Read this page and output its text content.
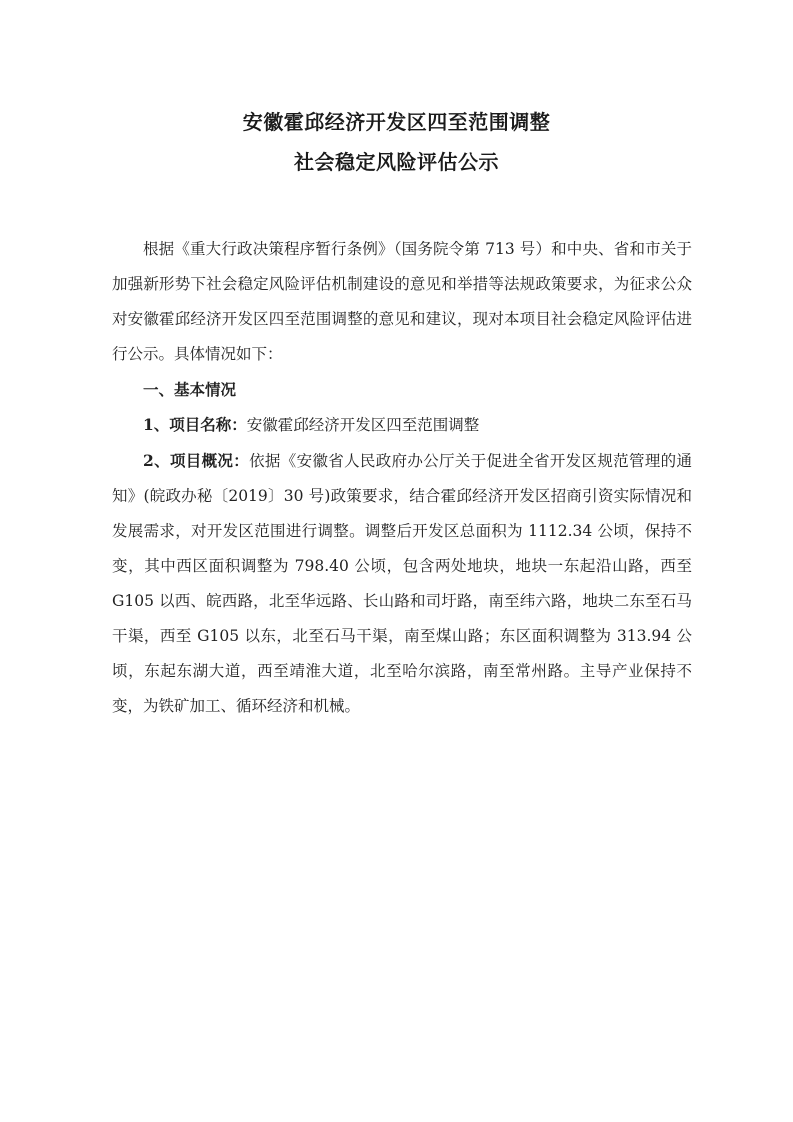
安徽霍邱经济开发区四至范围调整
社会稳定风险评估公示

根据《重大行政决策程序暂行条例》（国务院令第 713 号）和中央、省和市关于加强新形势下社会稳定风险评估机制建设的意见和举措等法规政策要求，为征求公众对安徽霍邱经济开发区四至范围调整的意见和建议，现对本项目社会稳定风险评估进行公示。具体情况如下：

一、基本情况

1、项目名称：安徽霍邱经济开发区四至范围调整

2、项目概况：依据《安徽省人民政府办公厅关于促进全省开发区规范管理的通知》(皖政办秘〔2019〕30 号)政策要求，结合霍邱经济开发区招商引资实际情况和发展需求，对开发区范围进行调整。调整后开发区总面积为 1112.34 公顷，保持不变，其中西区面积调整为 798.40 公顷，包含两处地块，地块一东起沿山路，西至 G105 以西、皖西路，北至华远路、长山路和司圩路，南至纬六路，地块二东至石马干渠，西至 G105 以东，北至石马干渠，南至煤山路；东区面积调整为 313.94 公顷，东起东湖大道，西至靖淮大道，北至哈尔滨路，南至常州路。主导产业保持不变，为铁矿加工、循环经济和机械。
